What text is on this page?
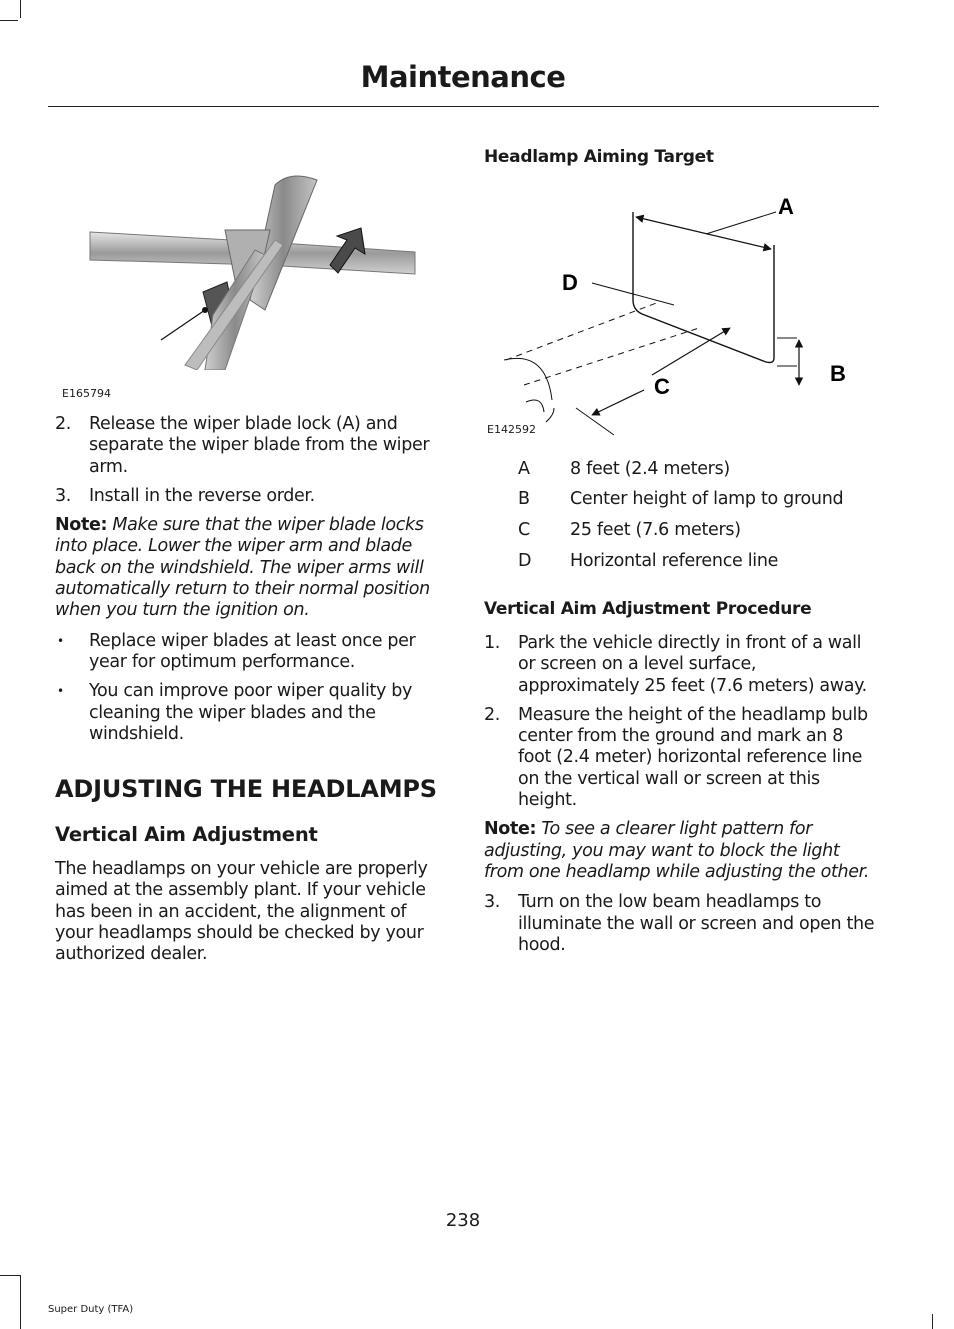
Maintenance
E165794
2. Release the wiper blade lock (A) and separate the wiper blade from the wiper arm.
3. Install in the reverse order.

Note: Make sure that the wiper blade locks into place. Lower the wiper arm and blade back on the windshield. The wiper arms will automatically return to their normal position when you turn the ignition on.

• Replace wiper blades at least once per year for optimum performance.
• You can improve poor wiper quality by cleaning the wiper blades and the windshield.
ADJUSTING THE HEADLAMPS
Vertical Aim Adjustment

The headlamps on your vehicle are properly aimed at the assembly plant. If your vehicle has been in an accident, the alignment of your headlamps should be checked by your authorized dealer.

Headlamp Aiming Target
A
D
B
C
E142592
A 8 feet (2.4 meters)
B Center height of lamp to ground
C 25 feet (7.6 meters)
D Horizontal reference line
Vertical Aim Adjustment Procedure
1. Park the vehicle directly in front of a wall or screen on a level surface, approximately 25 feet (7.6 meters) away.
2. Measure the height of the headlamp bulb center from the ground and mark an 8 foot (2.4 meter) horizontal reference line on the vertical wall or screen at this height.

Note: To see a clearer light pattern for adjusting, you may want to block the light from one headlamp while adjusting the other.

3. Turn on the low beam headlamps to illuminate the wall or screen and open the hood.
238
Super Duty (TFA)
